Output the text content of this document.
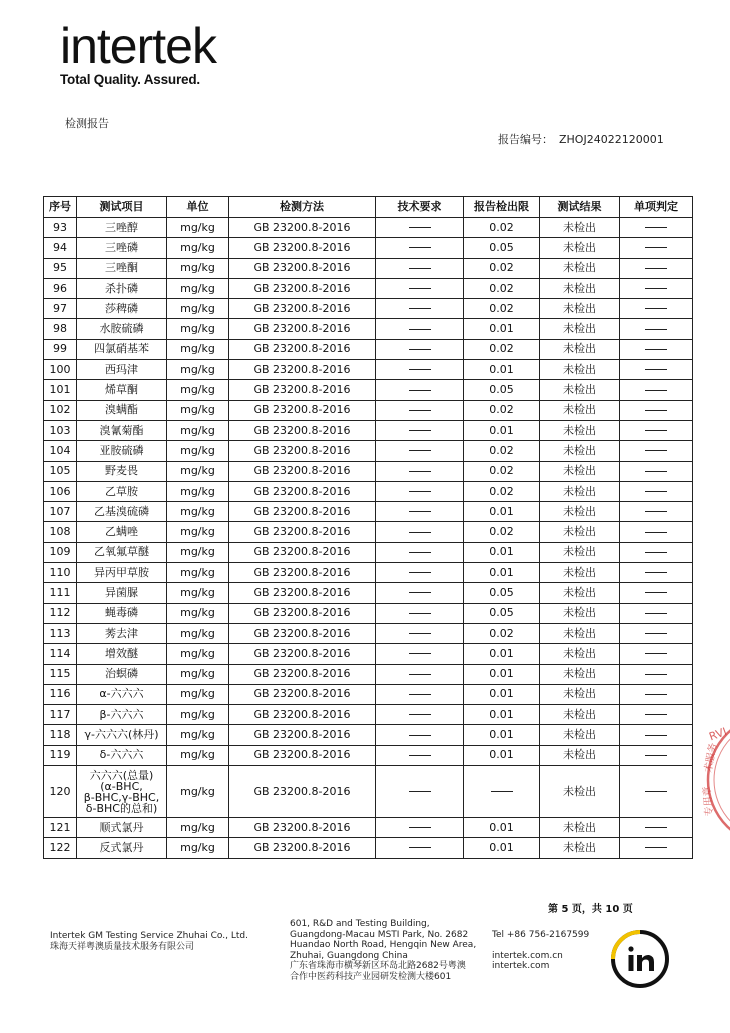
intertek
Total Quality. Assured.
检测报告
报告编号： ZHOJ24022120001
序号	测试项目	单位	检测方法	技术要求	报告检出限	测试结果	单项判定
93	三唑醇	mg/kg	GB 23200.8-2016		0.02	未检出	
94	三唑磷	mg/kg	GB 23200.8-2016		0.05	未检出	
95	三唑酮	mg/kg	GB 23200.8-2016		0.02	未检出	
96	杀扑磷	mg/kg	GB 23200.8-2016		0.02	未检出	
97	莎稗磷	mg/kg	GB 23200.8-2016		0.02	未检出	
98	水胺硫磷	mg/kg	GB 23200.8-2016		0.01	未检出	
99	四氯硝基苯	mg/kg	GB 23200.8-2016		0.02	未检出	
100	西玛津	mg/kg	GB 23200.8-2016		0.01	未检出	
101	烯草酮	mg/kg	GB 23200.8-2016		0.05	未检出	
102	溴螨酯	mg/kg	GB 23200.8-2016		0.02	未检出	
103	溴氰菊酯	mg/kg	GB 23200.8-2016		0.01	未检出	
104	亚胺硫磷	mg/kg	GB 23200.8-2016		0.02	未检出	
105	野麦畏	mg/kg	GB 23200.8-2016		0.02	未检出	
106	乙草胺	mg/kg	GB 23200.8-2016		0.02	未检出	
107	乙基溴硫磷	mg/kg	GB 23200.8-2016		0.01	未检出	
108	乙螨唑	mg/kg	GB 23200.8-2016		0.02	未检出	
109	乙氧氟草醚	mg/kg	GB 23200.8-2016		0.01	未检出	
110	异丙甲草胺	mg/kg	GB 23200.8-2016		0.01	未检出	
111	异菌脲	mg/kg	GB 23200.8-2016		0.05	未检出	
112	蝇毒磷	mg/kg	GB 23200.8-2016		0.05	未检出	
113	莠去津	mg/kg	GB 23200.8-2016		0.02	未检出	
114	增效醚	mg/kg	GB 23200.8-2016		0.01	未检出	
115	治螟磷	mg/kg	GB 23200.8-2016		0.01	未检出	
116	α-六六六	mg/kg	GB 23200.8-2016		0.01	未检出	
117	β-六六六	mg/kg	GB 23200.8-2016		0.01	未检出	
118	γ-六六六(林丹)	mg/kg	GB 23200.8-2016		0.01	未检出	
119	δ-六六六	mg/kg	GB 23200.8-2016		0.01	未检出	
120	六六六(总量)
(α-BHC,
β-BHC,γ-BHC,
δ-BHC的总和)	mg/kg	GB 23200.8-2016			未检出	
121	顺式氯丹	mg/kg	GB 23200.8-2016		0.01	未检出	
122	反式氯丹	mg/kg	GB 23200.8-2016		0.01	未检出	
第 5 页，共 10 页
Intertek GM Testing Service Zhuhai Co., Ltd.
珠海天祥粤澳质量技术服务有限公司
601, R&D and Testing Building,
Guangdong-Macau MSTI Park, No. 2682
Huandao North Road, Hengqin New Area,
Zhuhai, Guangdong China
广东省珠海市横琴新区环岛北路2682号粤澳
合作中医药科技产业园研发检测大楼601
Tel +86 756-2167599
intertek.com.cn
intertek.com
RVI
术服务
专用章
